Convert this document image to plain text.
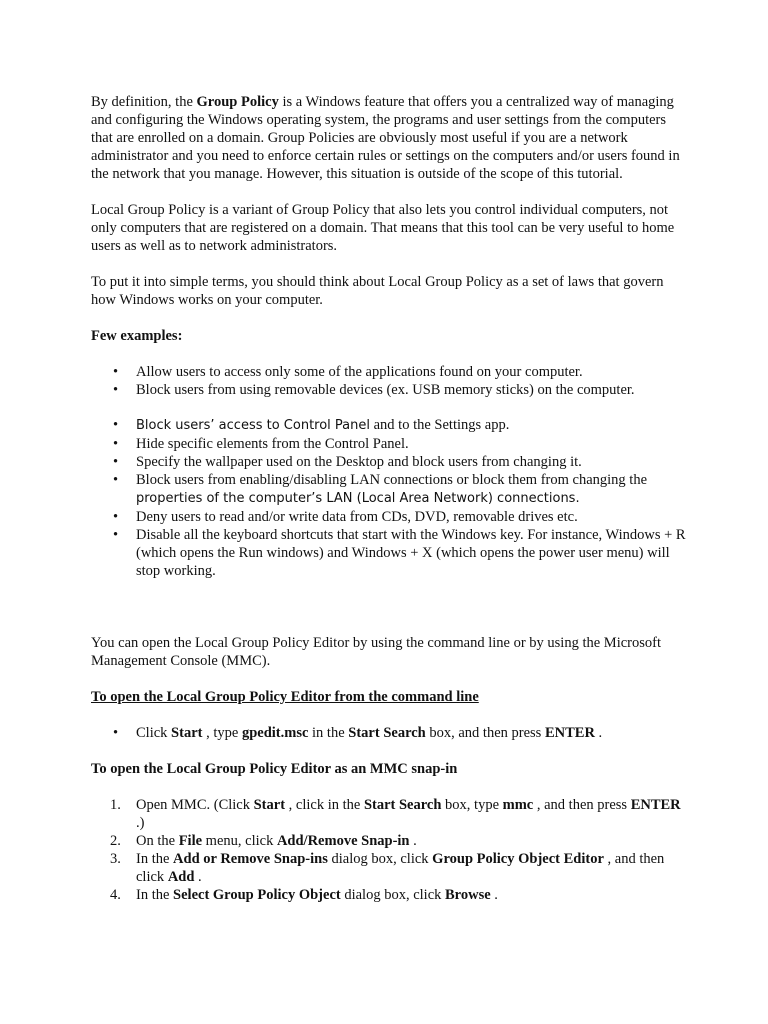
By definition, the Group Policy is a Windows feature that offers you a centralized way of managing and configuring the Windows operating system, the programs and user settings from the computers that are enrolled on a domain. Group Policies are obviously most useful if you are a network administrator and you need to enforce certain rules or settings on the computers and/or users found in the network that you manage. However, this situation is outside of the scope of this tutorial.

Local Group Policy is a variant of Group Policy that also lets you control individual computers, not only computers that are registered on a domain. That means that this tool can be very useful to home users as well as to network administrators.

To put it into simple terms, you should think about Local Group Policy as a set of laws that govern how Windows works on your computer.

Few examples:

• Allow users to access only some of the applications found on your computer.
• Block users from using removable devices (ex. USB memory sticks) on the computer.
• Block users’ access to Control Panel and to the Settings app.
• Hide specific elements from the Control Panel.
• Specify the wallpaper used on the Desktop and block users from changing it.
• Block users from enabling/disabling LAN connections or block them from changing the properties of the computer’s LAN (Local Area Network) connections.
• Deny users to read and/or write data from CDs, DVD, removable drives etc.
• Disable all the keyboard shortcuts that start with the Windows key. For instance, Windows + R (which opens the Run windows) and Windows + X (which opens the power user menu) will stop working.

You can open the Local Group Policy Editor by using the command line or by using the Microsoft Management Console (MMC).

To open the Local Group Policy Editor from the command line

• Click Start , type gpedit.msc in the Start Search box, and then press ENTER .

To open the Local Group Policy Editor as an MMC snap-in

1. Open MMC. (Click Start , click in the Start Search box, type mmc , and then press ENTER .)
2. On the File menu, click Add/Remove Snap-in .
3. In the Add or Remove Snap-ins dialog box, click Group Policy Object Editor , and then click Add .
4. In the Select Group Policy Object dialog box, click Browse .
